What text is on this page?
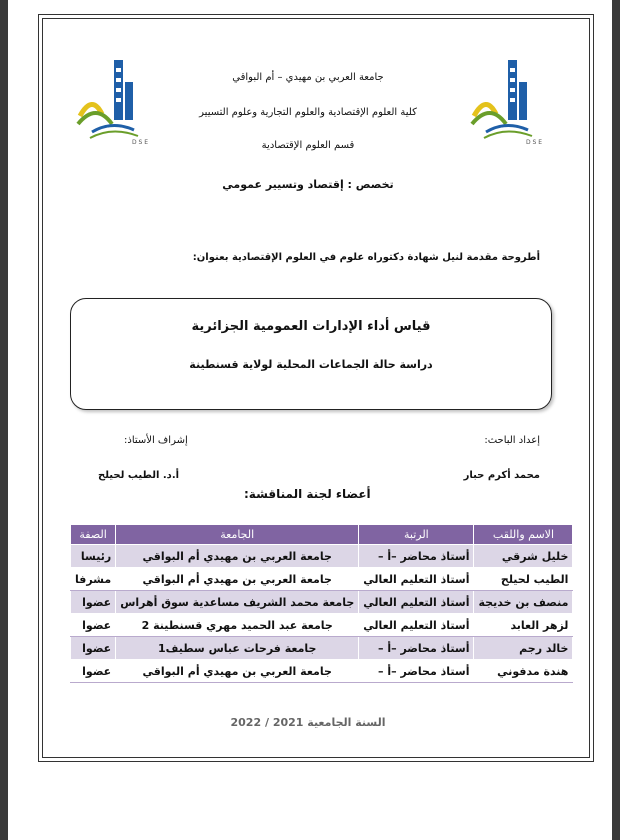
D S E	D S E
جامعة العربي بن مهيدي – أم البواقي
كلية العلوم الإقتصادية والعلوم التجارية وعلوم التسيير
قسم العلوم الإقتصادية
تخصص : إقتصاد وتسيير عمومي
أطروحة مقدمة لنيل شهادة دكتوراه علوم في العلوم الإقتصادية بعنوان:
قياس أداء الإدارات العمومية الجزائرية
دراسة حالة الجماعات المحلية لولاية قسنطينة
إعداد الباحث:
إشراف الأستاذ:
محمد أكرم حبار
أ.د. الطيب لحيلح
أعضاء لجنة المناقشة:
الاسم واللقب	الرتبة	الجامعة	الصفة
خليل شرقي	أستاذ محاضر –أ –	جامعة العربي بن مهيدي أم البواقي	رئيسا
الطيب لحيلح	أستاذ التعليم العالي	جامعة العربي بن مهيدي أم البواقي	مشرفا
منصف بن خديجة	أستاذ التعليم العالي	جامعة محمد الشريف مساعدية سوق أهراس	عضوا
لزهر العابد	أستاذ التعليم العالي	جامعة عبد الحميد مهري قسنطينة 2	عضوا
خالد رجم	أستاذ محاضر –أ –	جامعة فرحات عباس سطيف1	عضوا
هندة مدفوني	أستاذ محاضر –أ –	جامعة العربي بن مهيدي أم البواقي	عضوا
السنة الجامعية 2021 / 2022
